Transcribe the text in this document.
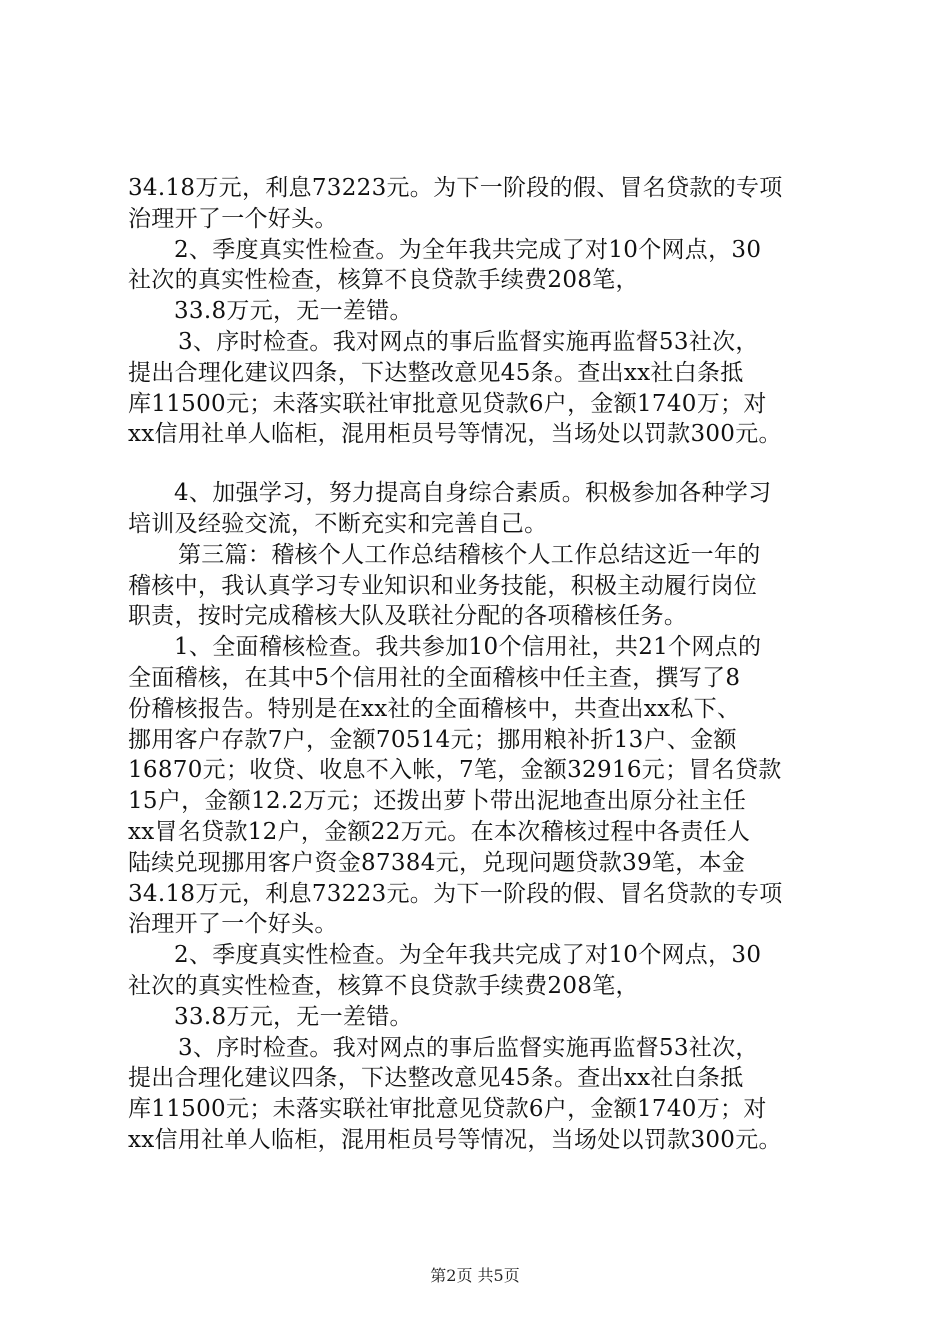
34.18万元，利息73223元。为下一阶段的假、冒名贷款的专项
治理开了一个好头。
2、季度真实性检查。为全年我共完成了对10个网点，30
社次的真实性检查，核算不良贷款手续费208笔，
33.8万元，无一差错。
3、序时检查。我对网点的事后监督实施再监督53社次，
提出合理化建议四条，下达整改意见45条。查出xx社白条抵
库11500元；未落实联社审批意见贷款6户，金额1740万；对
xx信用社单人临柜，混用柜员号等情况，当场处以罚款300元。
4、加强学习，努力提高自身综合素质。积极参加各种学习
培训及经验交流，不断充实和完善自己。
第三篇：稽核个人工作总结稽核个人工作总结这近一年的
稽核中，我认真学习专业知识和业务技能，积极主动履行岗位
职责，按时完成稽核大队及联社分配的各项稽核任务。
1、全面稽核检查。我共参加10个信用社，共21个网点的
全面稽核，在其中5个信用社的全面稽核中任主查，撰写了8
份稽核报告。特别是在xx社的全面稽核中，共查出xx私下、
挪用客户存款7户，金额70514元；挪用粮补折13户、金额
16870元；收贷、收息不入帐，7笔，金额32916元；冒名贷款
15户，金额12.2万元；还拨出萝卜带出泥地查出原分社主任
xx冒名贷款12户，金额22万元。在本次稽核过程中各责任人
陆续兑现挪用客户资金87384元，兑现问题贷款39笔，本金
34.18万元，利息73223元。为下一阶段的假、冒名贷款的专项
治理开了一个好头。
2、季度真实性检查。为全年我共完成了对10个网点，30
社次的真实性检查，核算不良贷款手续费208笔，
33.8万元，无一差错。
3、序时检查。我对网点的事后监督实施再监督53社次，
提出合理化建议四条，下达整改意见45条。查出xx社白条抵
库11500元；未落实联社审批意见贷款6户，金额1740万；对
xx信用社单人临柜，混用柜员号等情况，当场处以罚款300元。
第2页 共5页
